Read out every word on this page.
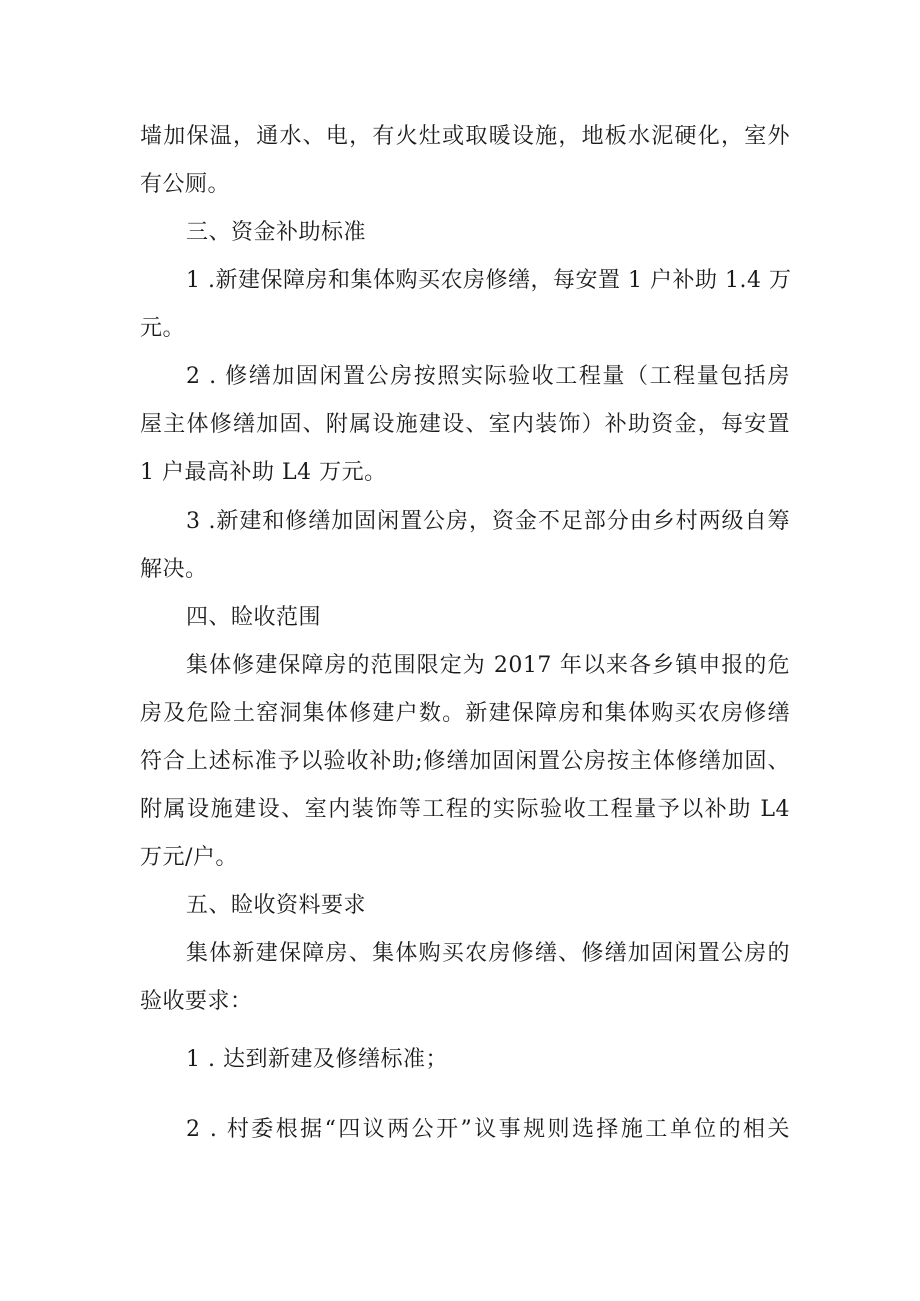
墙加保温，通水、电，有火灶或取暖设施，地板水泥硬化，室外
有公厕。
三、资金补助标准
1 .新建保障房和集体购买农房修缮，每安置 1 户补助 1.4 万
元。
2 . 修缮加固闲置公房按照实际验收工程量（工程量包括房
屋主体修缮加固、附属设施建设、室内装饰）补助资金，每安置
1 户最高补助 L4 万元。
3 .新建和修缮加固闲置公房，资金不足部分由乡村两级自筹
解决。
四、睑收范围
集体修建保障房的范围限定为 2017 年以来各乡镇申报的危
房及危险土窑洞集体修建户数。新建保障房和集体购买农房修缮
符合上述标准予以验收补助;修缮加固闲置公房按主体修缮加固、
附属设施建设、室内装饰等工程的实际验收工程量予以补助 L4
万元/户。
五、睑收资料要求
集体新建保障房、集体购买农房修缮、修缮加固闲置公房的
验收要求：
1 . 达到新建及修缮标准；
2 . 村委根据“四议两公开”议事规则选择施工单位的相关
